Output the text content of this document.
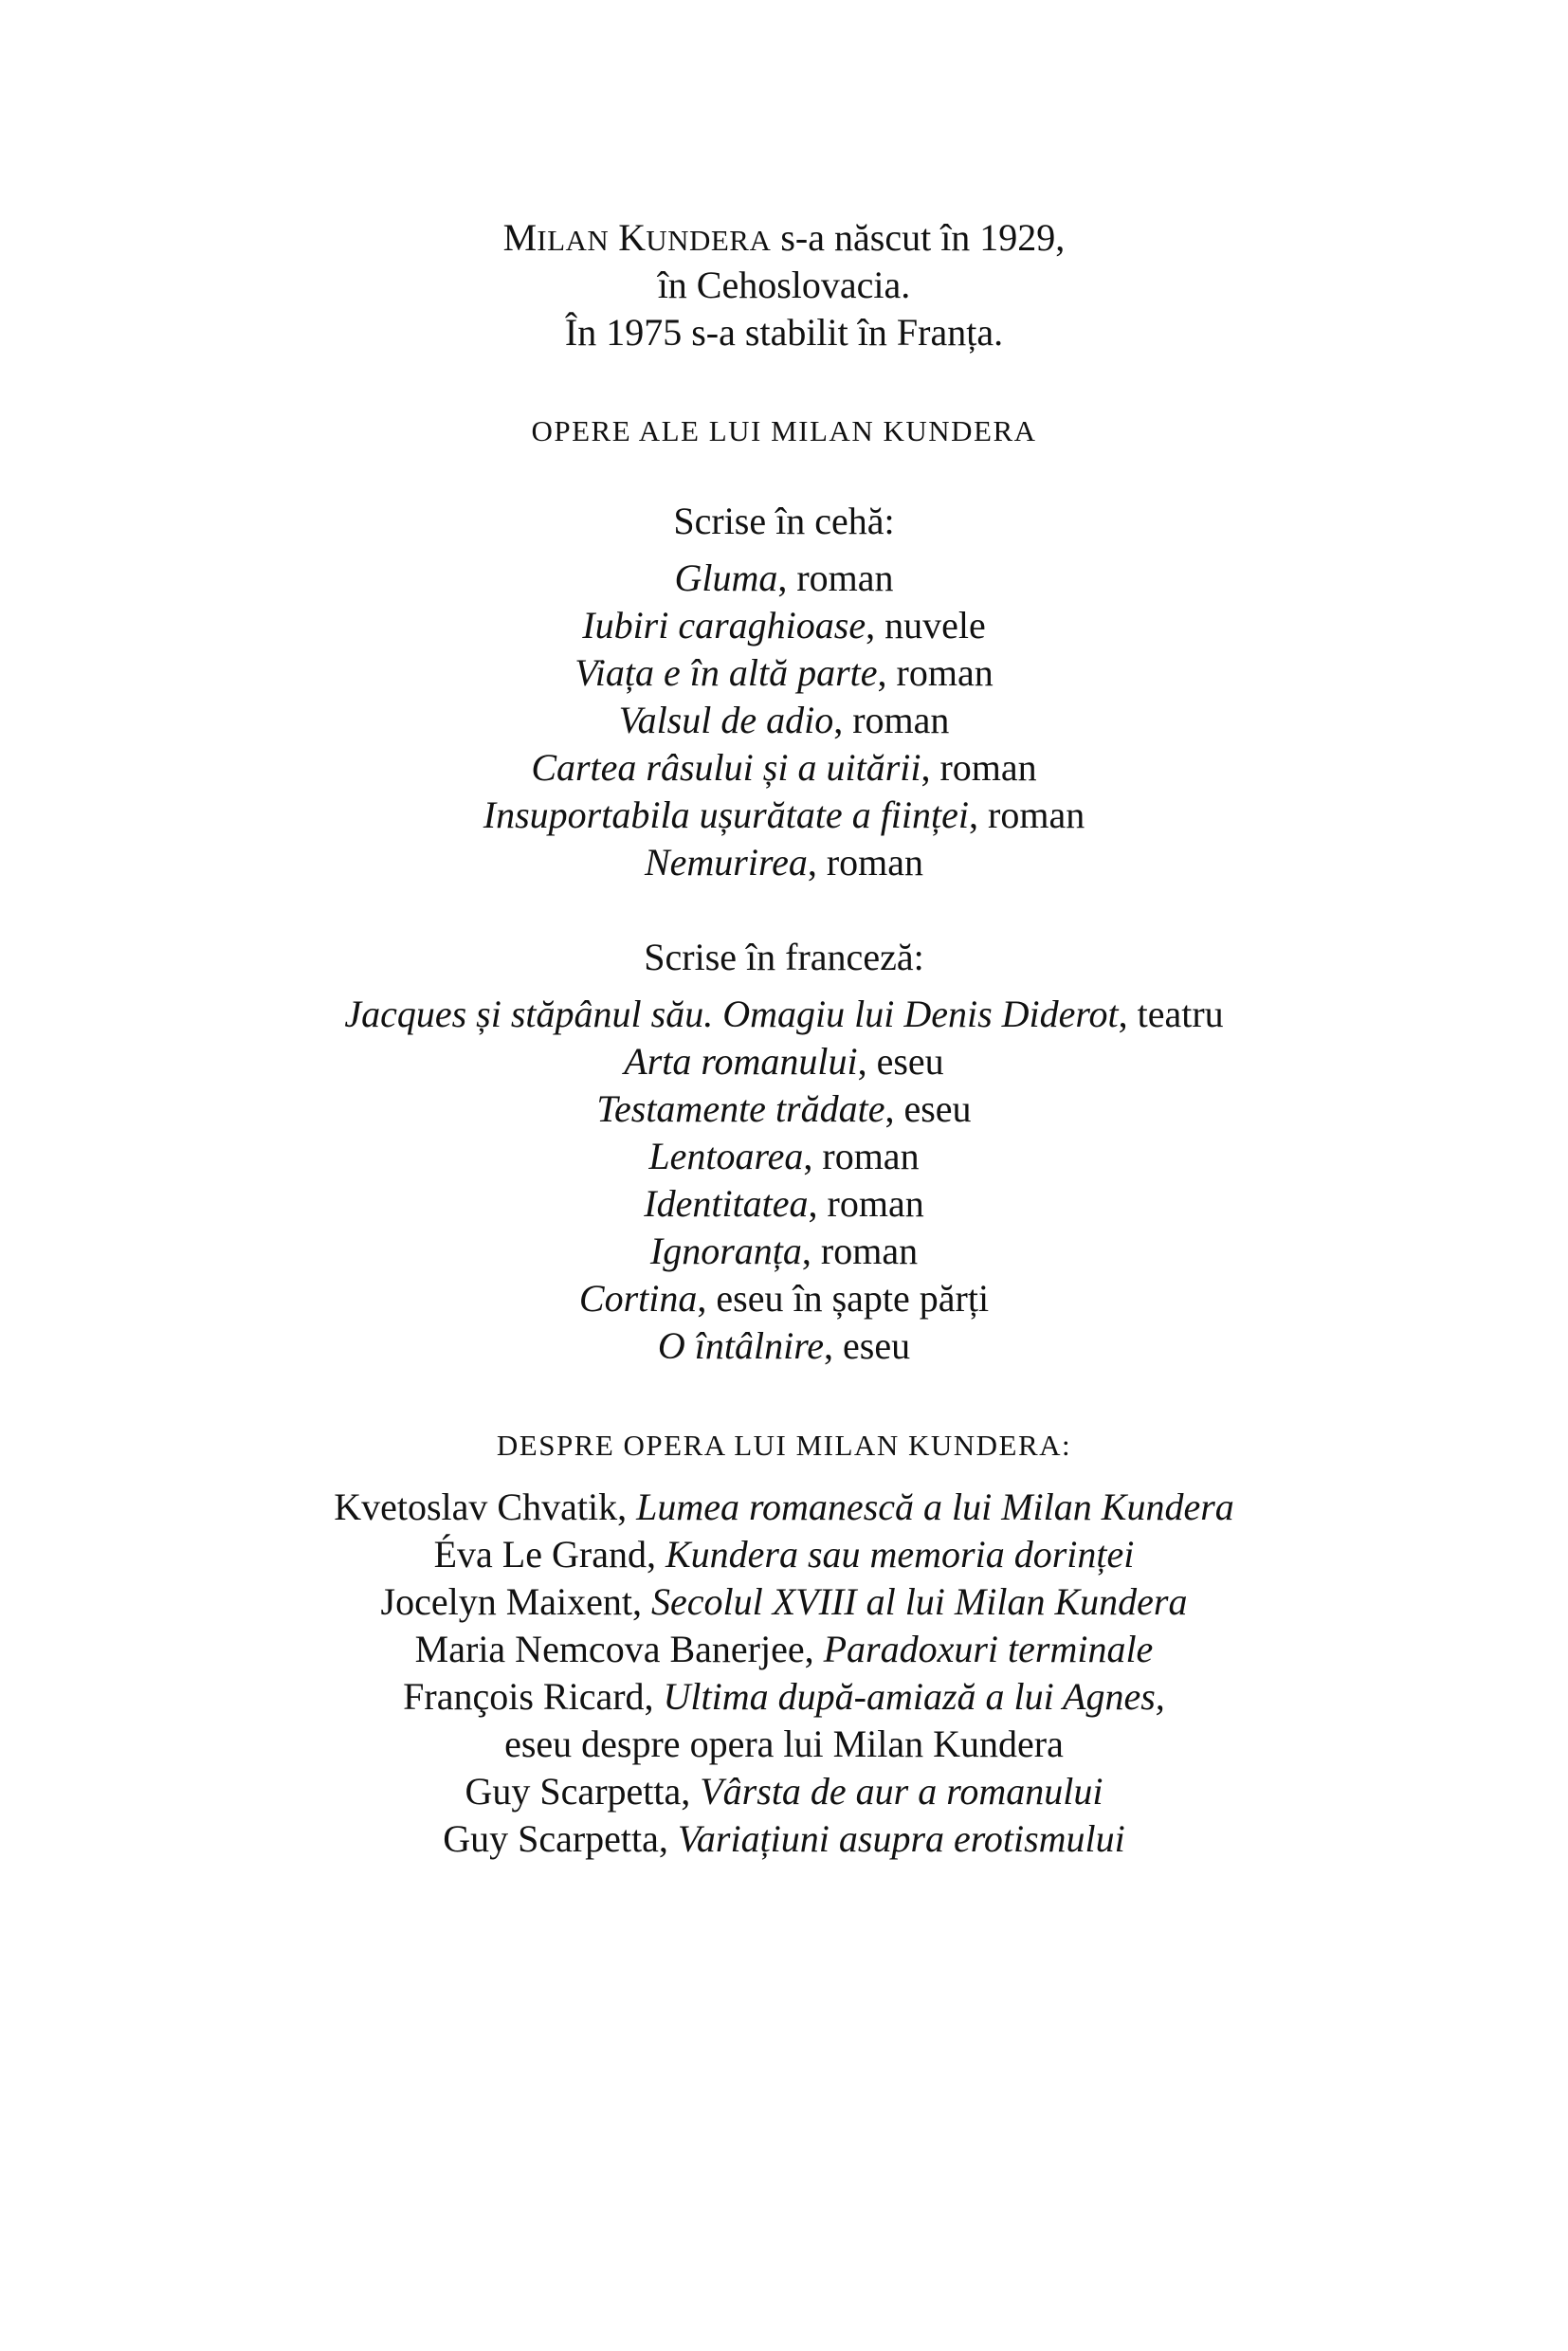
MILAN KUNDERA s-a născut în 1929,
în Cehoslovacia.
În 1975 s-a stabilit în Franța.
OPERE ALE LUI MILAN KUNDERA
Scrise în cehă:
Gluma, roman
Iubiri caraghioase, nuvele
Viața e în altă parte, roman
Valsul de adio, roman
Cartea râsului și a uitării, roman
Insuportabila ușurătate a ființei, roman
Nemurirea, roman
Scrise în franceză:
Jacques și stăpânul său. Omagiu lui Denis Diderot, teatru
Arta romanului, eseu
Testamente trădate, eseu
Lentoarea, roman
Identitatea, roman
Ignoranța, roman
Cortina, eseu în șapte părți
O întâlnire, eseu
DESPRE OPERA LUI MILAN KUNDERA:
Kvetoslav Chvatik, Lumea romanescă a lui Milan Kundera
Éva Le Grand, Kundera sau memoria dorinței
Jocelyn Maixent, Secolul XVIII al lui Milan Kundera
Maria Nemcova Banerjee, Paradoxuri terminale
François Ricard, Ultima după-amiază a lui Agnes,
eseu despre opera lui Milan Kundera
Guy Scarpetta, Vârsta de aur a romanului
Guy Scarpetta, Variațiuni asupra erotismului
